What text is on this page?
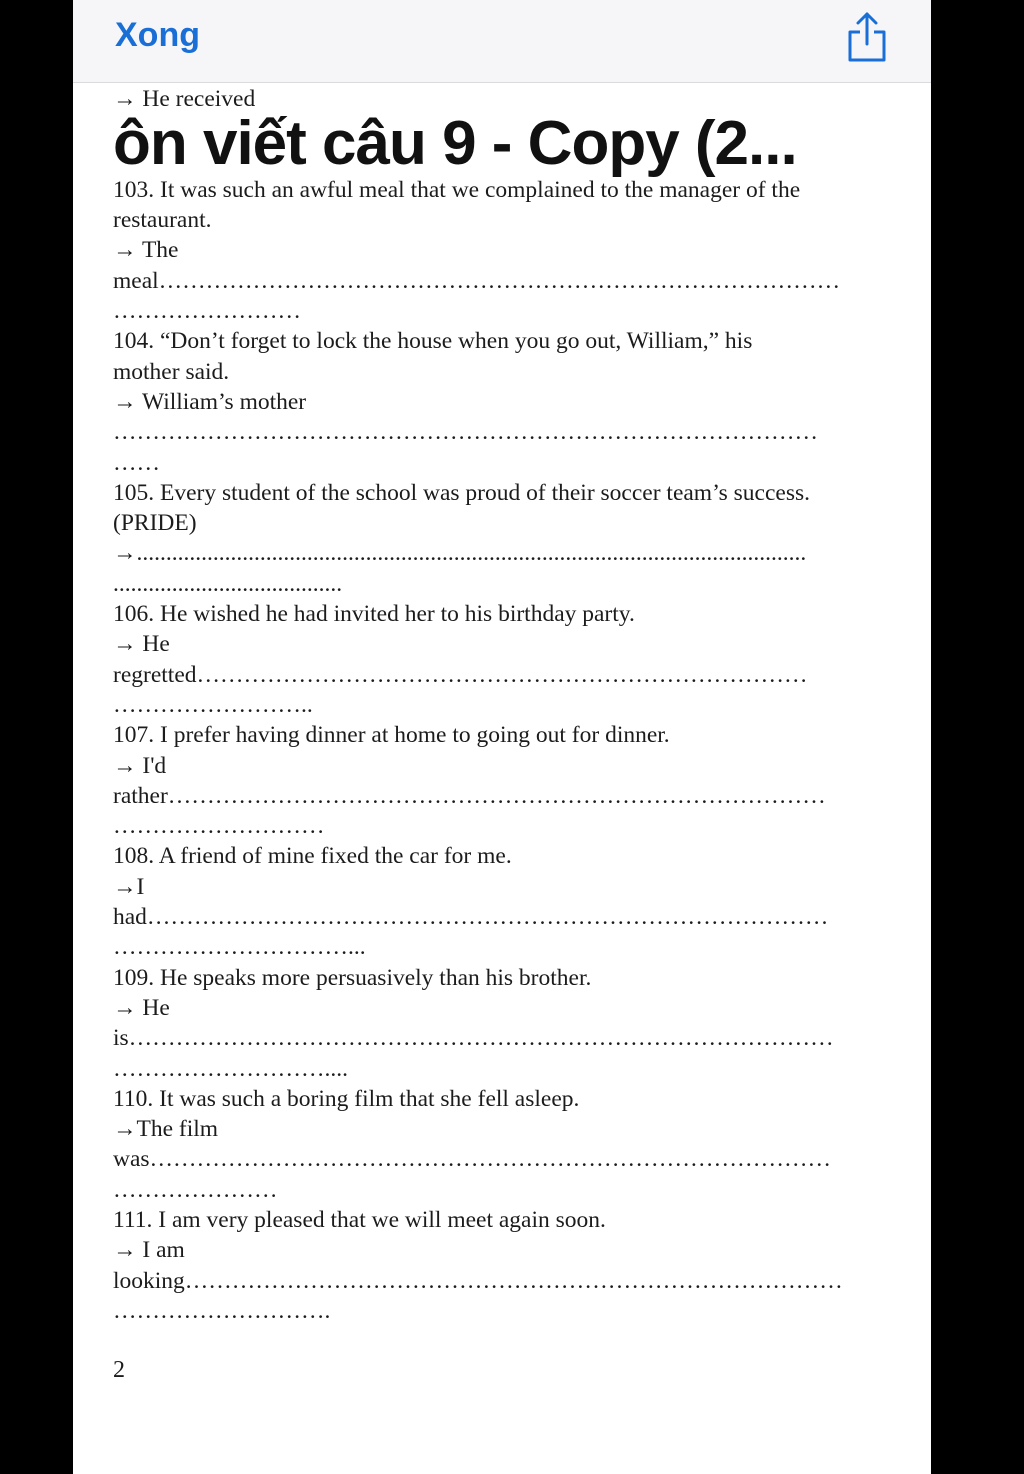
Xong
→ He received
103. It was such an awful meal that we complained to the manager of the
restaurant.
→ The
meal……………………………………………………………………………
……………………
104. “Don’t forget to lock the house when you go out, William,” his
mother said.
→ William’s mother
………………………………………………………………………………
……
105. Every student of the school was proud of their soccer team’s success.
(PRIDE)
→..................................................................................................................
.......................................
106. He wished he had invited her to his birthday party.
→ He
regretted……………………………………………………………………
……………………..
107. I prefer having dinner at home to going out for dinner.
→ I'd
rather…………………………………………………………………………
………………………
108. A friend of mine fixed the car for me.
→I
had……………………………………………………………………………
…………………………...
109. He speaks more persuasively than his brother.
→ He
is………………………………………………………………………………
………………………....
110. It was such a boring film that she fell asleep.
→The film
was……………………………………………………………………………
…………………
111. I am very pleased that we will meet again soon.
→ I am
looking…………………………………………………………………………
……………………….
ôn viết câu 9 - Copy (2...
2
